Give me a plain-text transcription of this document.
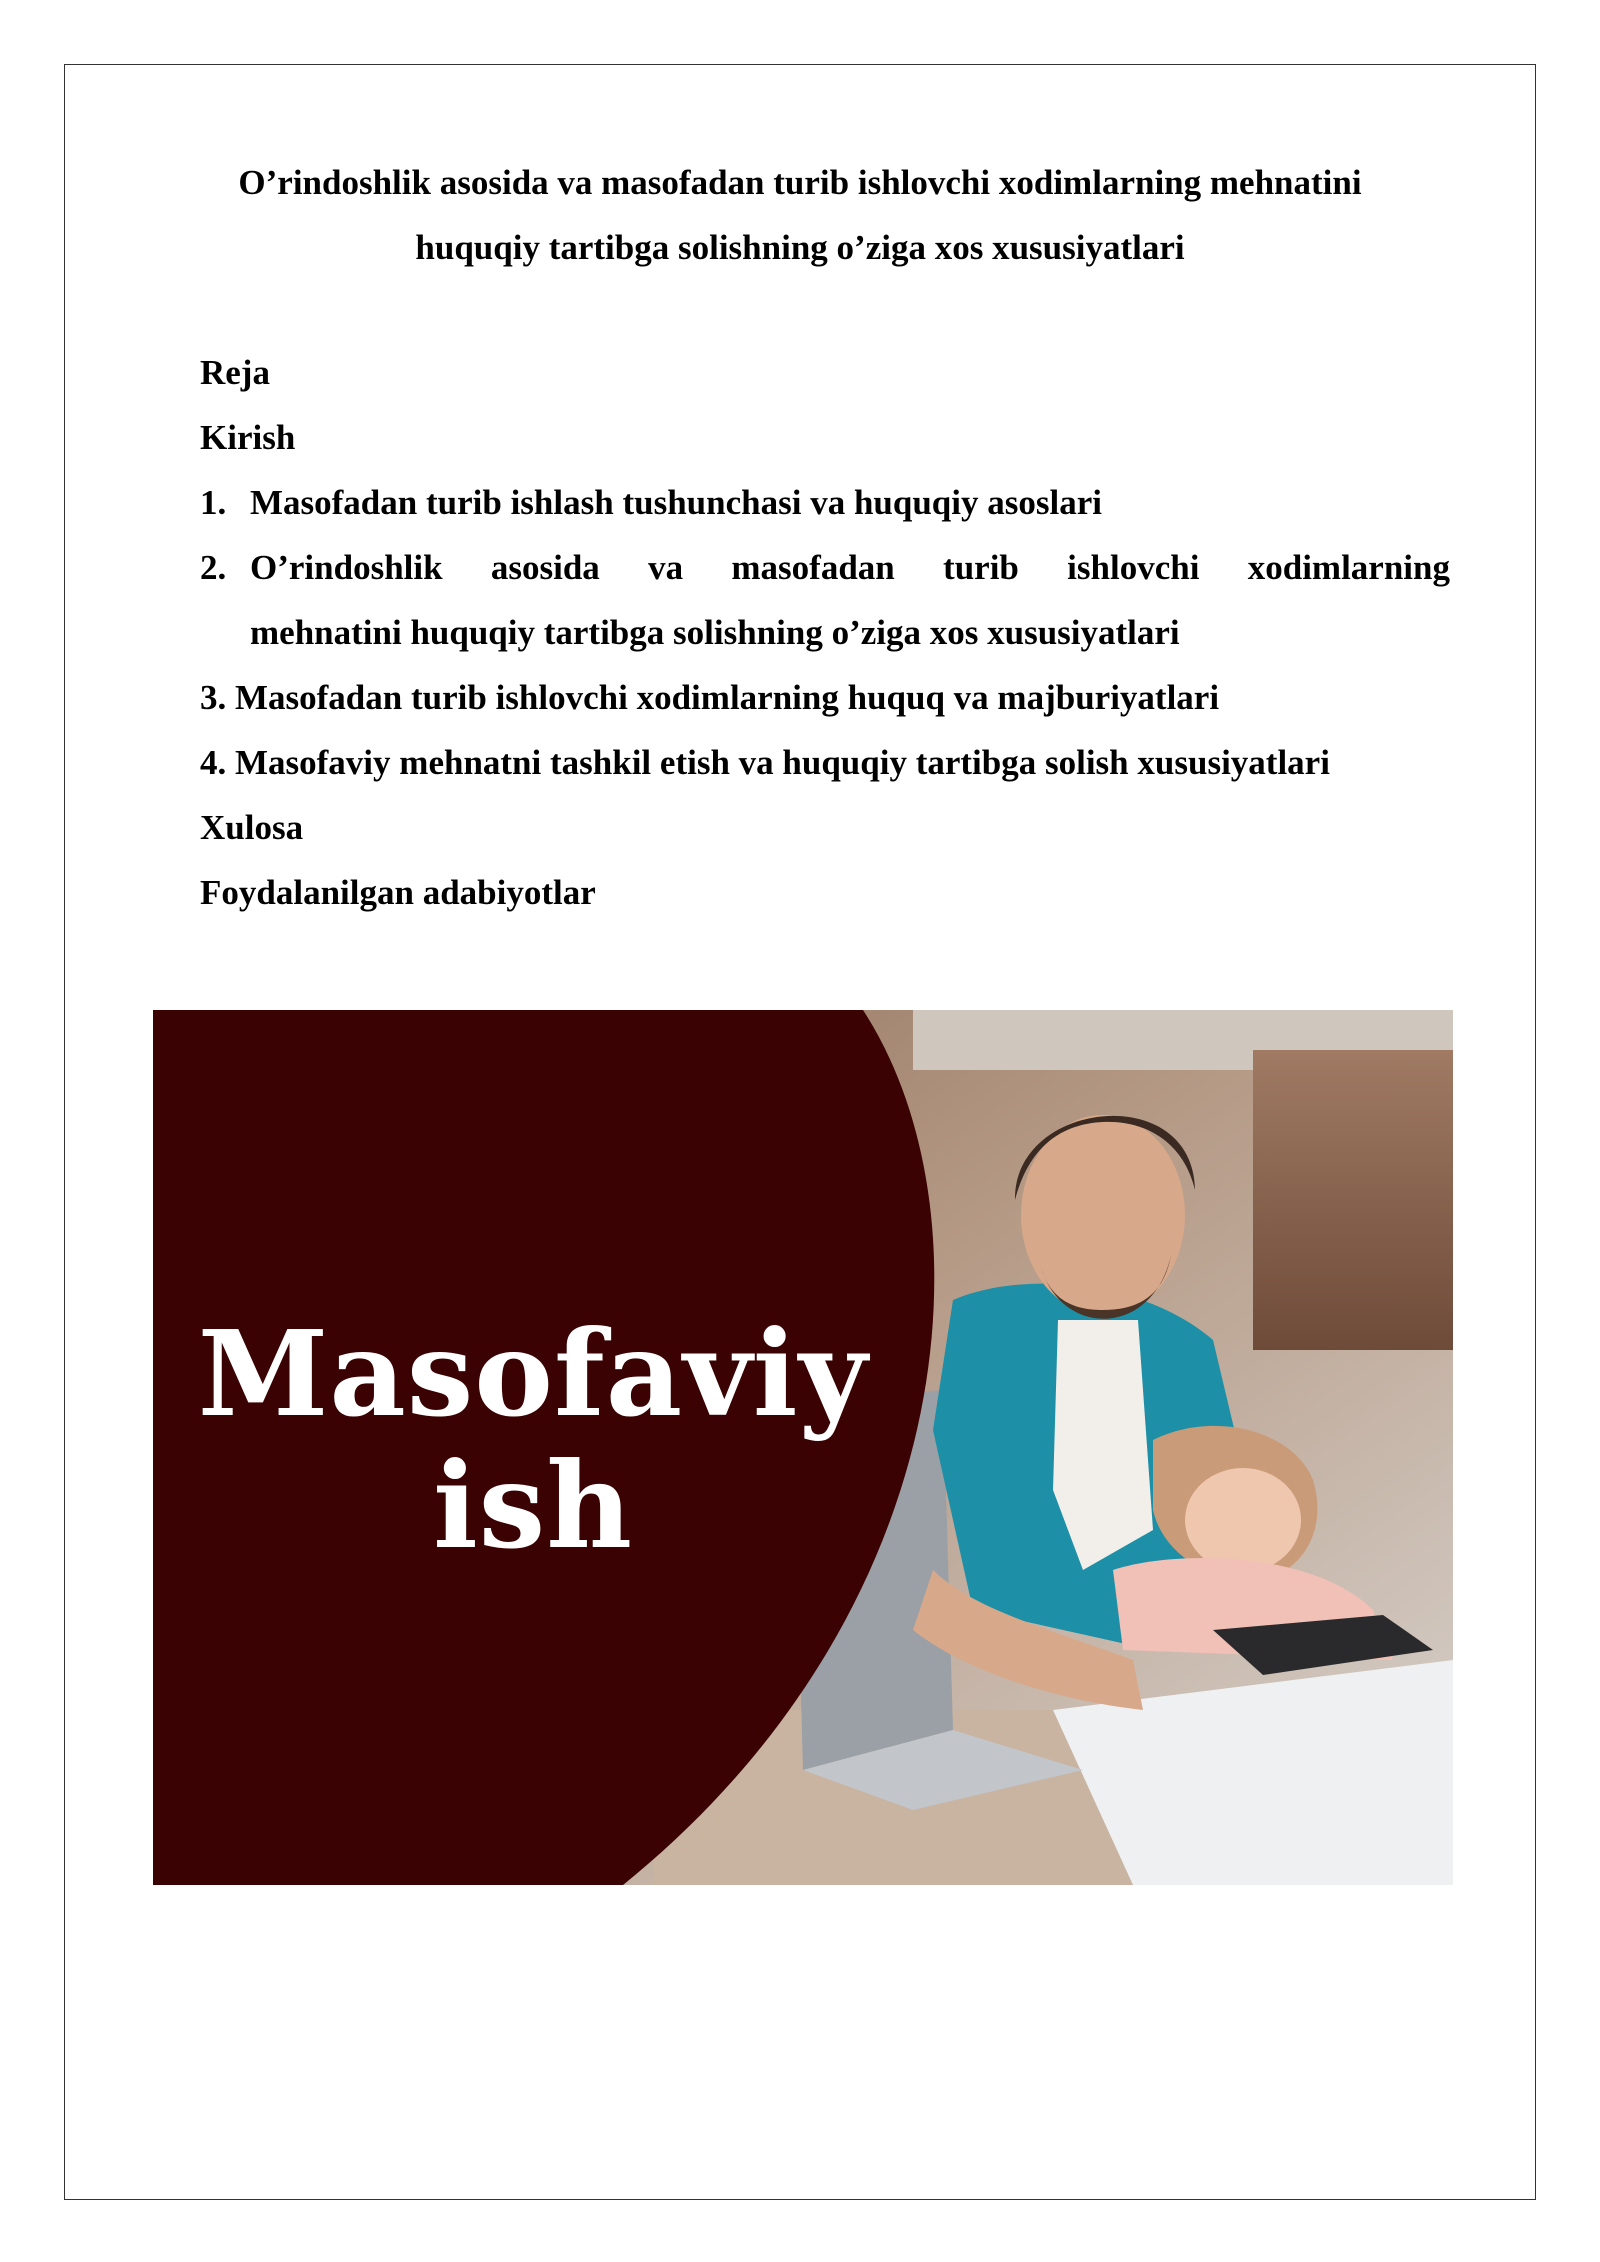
O’rindoshlik asosida va masofadan turib ishlovchi xodimlarning mehnatini
huquqiy tartibga solishning o’ziga xos xususiyatlari
Reja
Kirish
1. Masofadan turib ishlash tushunchasi va huquqiy asoslari
2. O’rindoshlik asosida va masofadan turib ishlovchi xodimlarning
mehnatini huquqiy tartibga solishning o’ziga xos xususiyatlari
3. Masofadan turib ishlovchi xodimlarning huquq va majburiyatlari
4. Masofaviy mehnatni tashkil etish va huquqiy tartibga solish xususiyatlari
Xulosa
Foydalanilgan adabiyotlar
Masofaviy
ish
